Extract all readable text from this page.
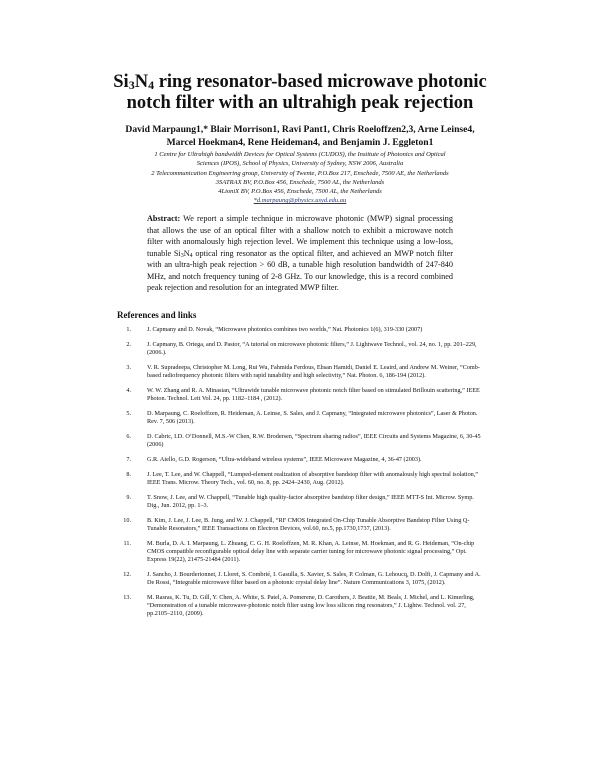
$Si_3N_4$ ring resonator-based microwave photonic
notch filter with an ultrahigh peak rejection
David Marpaung1,* Blair Morrison1, Ravi Pant1, Chris Roeloffzen2,3, Arne Leinse4,
Marcel Hoekman4, Rene Heideman4, and Benjamin J. Eggleton1
1 Centre for Ultrahigh bandwidth Devices for Optical Systems (CUDOS), the Institute of Photonics and Optical
Sciences (IPOS), School of Physics, University of Sydney, NSW 2006, Australia
2 Telecommunication Engineering group, University of Twente, P.O.Box 217, Enschede, 7500 AE, the Netherlands
3SATRAX BV, P.O.Box 456, Enschede, 7500 AL, the Netherlands
4LioniX BV, P.O.Box 456, Enschede, 7500 AL, the Netherlands
*d.marpaung@physics.usyd.edu.au
Abstract: We report a simple technique in microwave photonic (MWP) signal processing that allows the use of an optical filter with a shallow notch to exhibit a microwave notch filter with anomalously high rejection level. We implement this technique using a low-loss, tunable $Si_3N_4$ optical ring resonator as the optical filter, and achieved an MWP notch filter with an ultra-high peak rejection > 60 dB, a tunable high resolution bandwidth of 247-840 MHz, and notch frequency tuning of 2-8 GHz. To our knowledge, this is a record combined peak rejection and resolution for an integrated MWP filter.
References and links
1.	J. Capmany and D. Novak, “Microwave photonics combines two worlds,” Nat. Photonics 1(6), 319-330 (2007)
2.	J. Capmany, B. Ortega, and D. Pastor, “A tutorial on microwave photonic filters,” J. Lightwave Technol., vol. 24, no. 1, pp. 201–229, (2006.).
3.	V. R. Supradeepa, Christopher M. Long, Rui Wu, Fahmida Ferdous, Ehsan Hamidi, Daniel E. Leaird, and Andrew M. Weiner, “Comb-based radiofrequency photonic filters with rapid tunability and high selectivity,” Nat. Photon. 6, 186-194 (2012).
4.	W. W. Zhang and R. A. Minasian, “Ultrawide tunable microwave photonic notch filter based on stimulated Brillouin scattering,” IEEE Photon. Technol. Lett Vol. 24, pp. 1182–1184 , (2012).
5.	D. Marpaung, C. Roeloffzen, R. Heideman, A. Leinse, S. Sales, and J. Capmany, “Integrated microwave photonics”, Laser & Photon. Rev. 7, 506 (2013).
6.	D. Cabric, I.D. O’Donnell, M.S.-W Chen, R.W. Brodersen, “Spectrum sharing radios”, IEEE Circuits and Systems Magazine, 6, 30-45 (2006)
7.	G.R. Aiello, G.D. Rogerson, “Ultra-wideband wireless systems”, IEEE Microwave Magazine, 4, 36-47 (2003).
8.	J. Lee, T. Lee, and W. Chappell, “Lumped-element realization of absorptive bandstop filter with anomalously high spectral isolation,” IEEE Trans. Microw. Theory Tech., vol. 60, no. 8, pp. 2424–2430, Aug. (2012).
9.	T. Snow, J. Lee, and W. Chappell, “Tunable high quality-factor absorptive bandstop filter design,” IEEE MTT-S Int. Microw. Symp. Dig., Jun. 2012, pp. 1–3.
10.	B. Kim, J. Lee, J. Lee, B. Jung, and W. J. Chappell, “RF CMOS Integrated On-Chip Tunable Absorptive Bandstop Filter Using Q-Tunable Resonators,” IEEE Transactions on Electron Devices, vol.60, no.5, pp.1730,1737, (2013).
11.	M. Burla, D. A. I. Marpaung, L. Zhuang, C. G. H. Roeloffzen, M. R. Khan, A. Leinse, M. Hoekman, and R. G. Heideman, “On-chip CMOS compatible reconfigurable optical delay line with separate carrier tuning for microwave photonic signal processing,” Opt. Express 19(22), 21475-21484 (2011).
12.	J. Sancho, J. Bourderionnet, J. Lloret, S. Combrié, I. Gasulla, S. Xavier, S. Sales, P. Colman, G. Lehoucq, D. Dolfi, J. Capmany and A. De Rossi, “Integrable microwave filter based on a photonic crystal delay line”. Nature Communications 3, 1075, (2012).
13.	M. Rasras, K. Tu, D. Gill, Y. Chen, A. White, S. Patel, A. Pomerene, D. Carothers, J. Beattie, M. Beals, J. Michel, and L. Kimerling, “Demonstration of a tunable microwave-photonic notch filter using low loss silicon ring resonators,” J. Lightw. Technol. vol. 27, pp.2105–2110, (2009).
